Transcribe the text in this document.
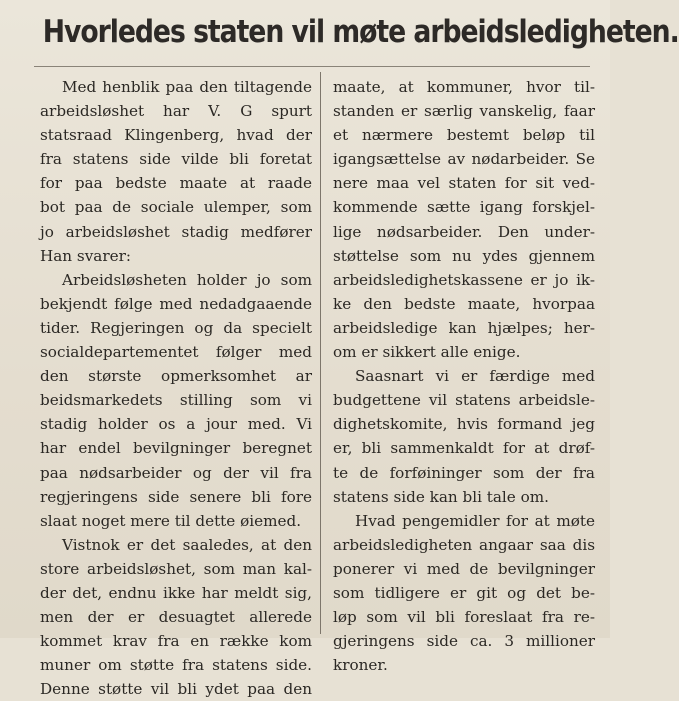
Hvorledes staten vil møte arbeidsledigheten.
Med henblik paa den tiltagende
arbeidsløshet har V. G spurt
statsraad Klingenberg, hvad der
fra statens side vilde bli foretat
for paa bedste maate at raade
bot paa de sociale ulemper, som
jo arbeidsløshet stadig medfører
Han svarer:
Arbeidsløsheten holder jo som
bekjendt følge med nedadgaaende
tider. Regjeringen og da specielt
socialdepartementet følger med
den største opmerksomhet ar
beidsmarkedets stilling som vi
stadig holder os a jour med. Vi
har endel bevilgninger beregnet
paa nødsarbeider og der vil fra
regjeringens side senere bli fore
slaat noget mere til dette øiemed.
Vistnok er det saaledes, at den
store arbeidsløshet, som man kal-
der det, endnu ikke har meldt sig,
men der er desuagtet allerede
kommet krav fra en række kom
muner om støtte fra statens side.
Denne støtte vil bli ydet paa den
maate, at kommuner, hvor til-
standen er særlig vanskelig, faar
et nærmere bestemt beløp til
igangsættelse av nødarbeider. Se
nere maa vel staten for sit ved-
kommende sætte igang forskjel-
lige nødsarbeider. Den under-
støttelse som nu ydes gjennem
arbeidsledighetskassene er jo ik-
ke den bedste maate, hvorpaa
arbeidsledige kan hjælpes; her-
om er sikkert alle enige.
Saasnart vi er færdige med
budgettene vil statens arbeidsle-
dighetskomite, hvis formand jeg
er, bli sammenkaldt for at drøf-
te de forføininger som der fra
statens side kan bli tale om.
Hvad pengemidler for at møte
arbeidsledigheten angaar saa dis
ponerer vi med de bevilgninger
som tidligere er git og det be-
løp som vil bli foreslaat fra re-
gjeringens side ca. 3 millioner
kroner.
